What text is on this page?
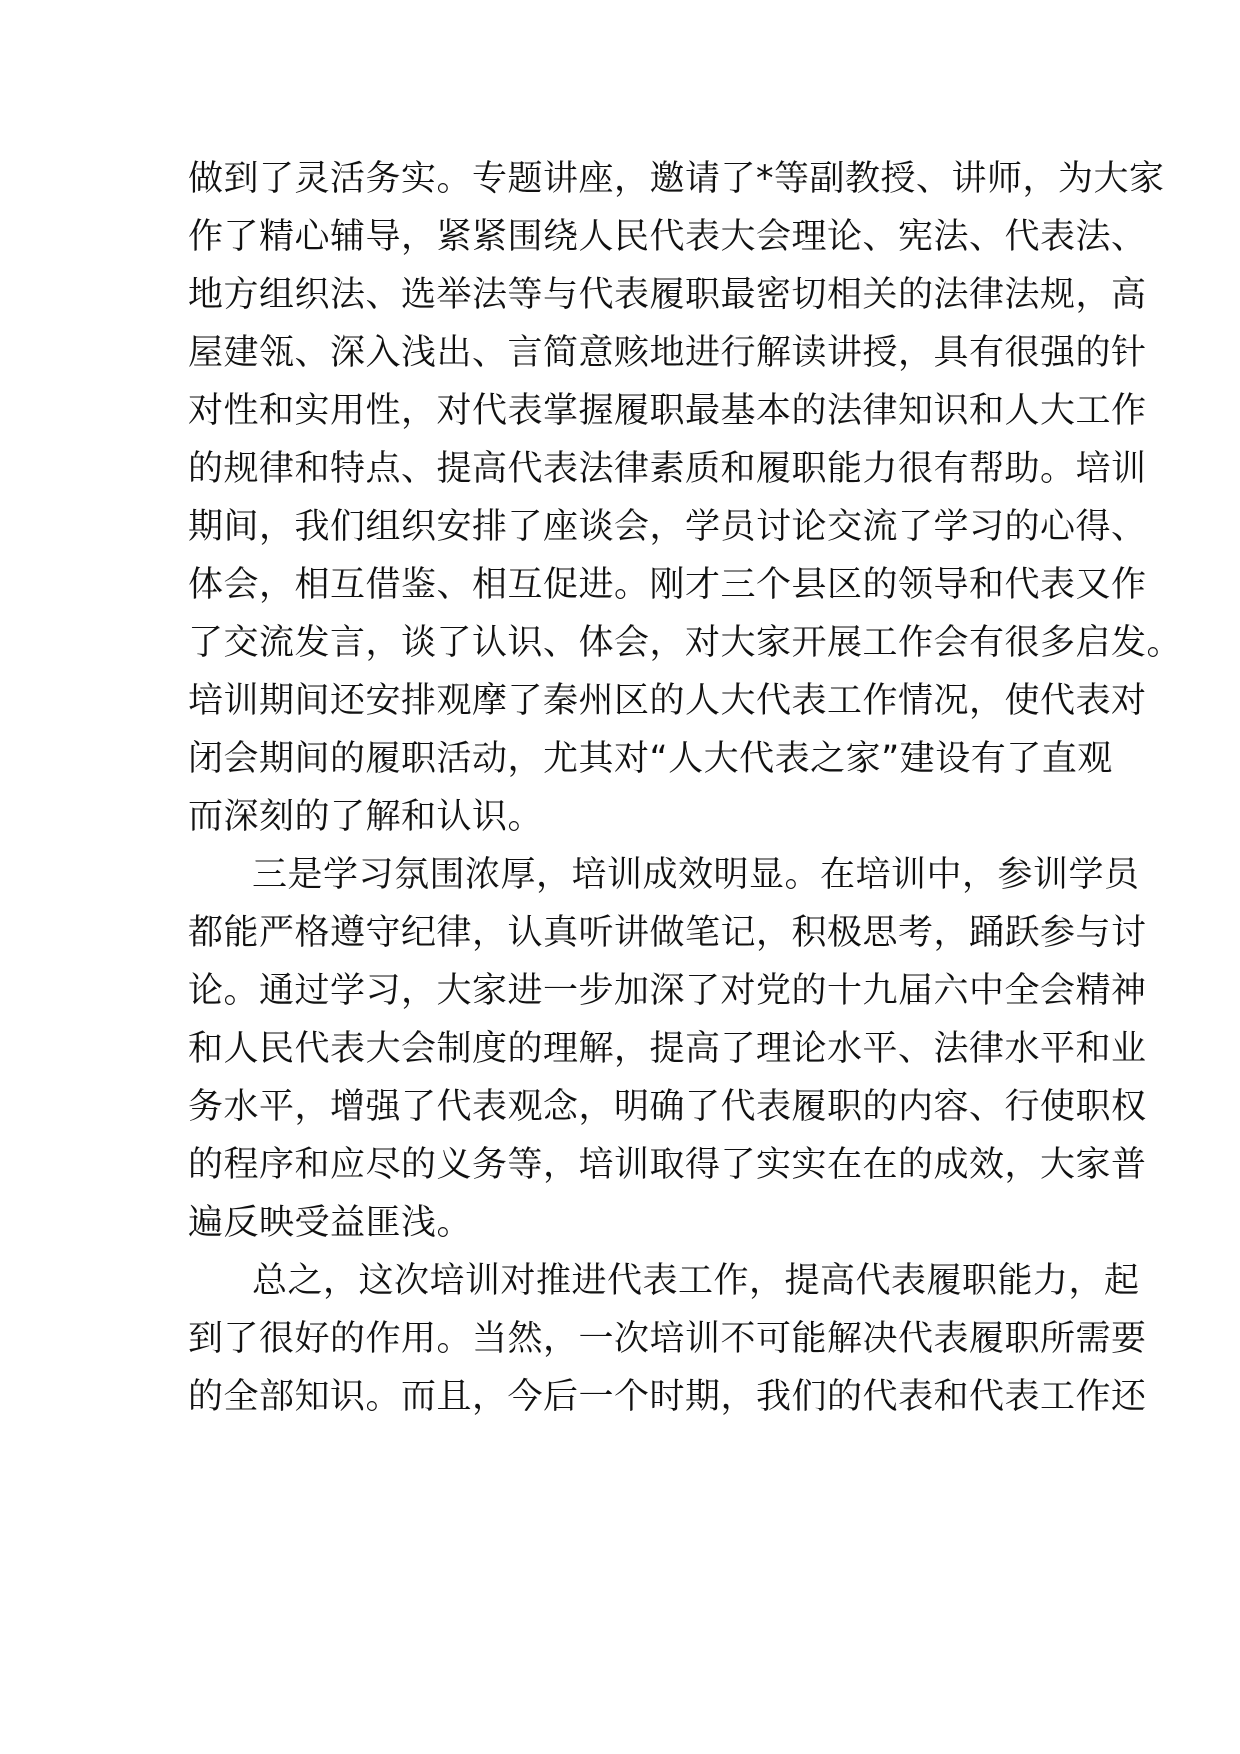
做到了灵活务实。专题讲座，邀请了*等副教授、讲师，为大家
作了精心辅导，紧紧围绕人民代表大会理论、宪法、代表法、
地方组织法、选举法等与代表履职最密切相关的法律法规，高
屋建瓴、深入浅出、言简意赅地进行解读讲授，具有很强的针
对性和实用性，对代表掌握履职最基本的法律知识和人大工作
的规律和特点、提高代表法律素质和履职能力很有帮助。培训
期间，我们组织安排了座谈会，学员讨论交流了学习的心得、
体会，相互借鉴、相互促进。刚才三个县区的领导和代表又作
了交流发言，谈了认识、体会，对大家开展工作会有很多启发。
培训期间还安排观摩了秦州区的人大代表工作情况，使代表对
闭会期间的履职活动，尤其对“人大代表之家”建设有了直观
而深刻的了解和认识。
三是学习氛围浓厚，培训成效明显。在培训中，参训学员
都能严格遵守纪律，认真听讲做笔记，积极思考，踊跃参与讨
论。通过学习，大家进一步加深了对党的十九届六中全会精神
和人民代表大会制度的理解，提高了理论水平、法律水平和业
务水平，增强了代表观念，明确了代表履职的内容、行使职权
的程序和应尽的义务等，培训取得了实实在在的成效，大家普
遍反映受益匪浅。
总之，这次培训对推进代表工作，提高代表履职能力，起
到了很好的作用。当然，一次培训不可能解决代表履职所需要
的全部知识。而且，今后一个时期，我们的代表和代表工作还
